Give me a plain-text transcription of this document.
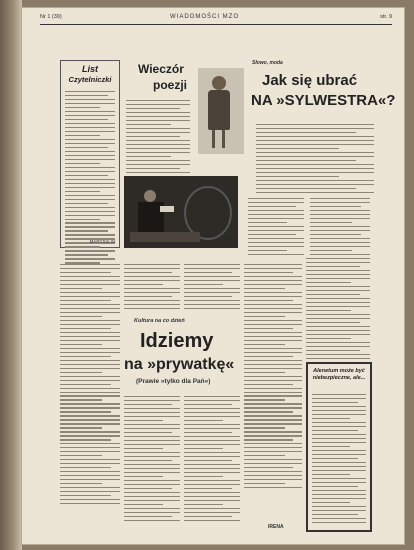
Nr 1 (39)	WIADOMOŚCI MZO	str. 9
List
Czytelniczki
MARYSIA W.
Wieczór
poezji
Słowo, moda
Jak się ubrać
NA »SYLWESTRA«?
Kultura na co dzień
Idziemy
na »prywatkę«
(Prawie »tylko dla Pań«)
Alenetum może być niebezpieczne, ale...
IRENA
